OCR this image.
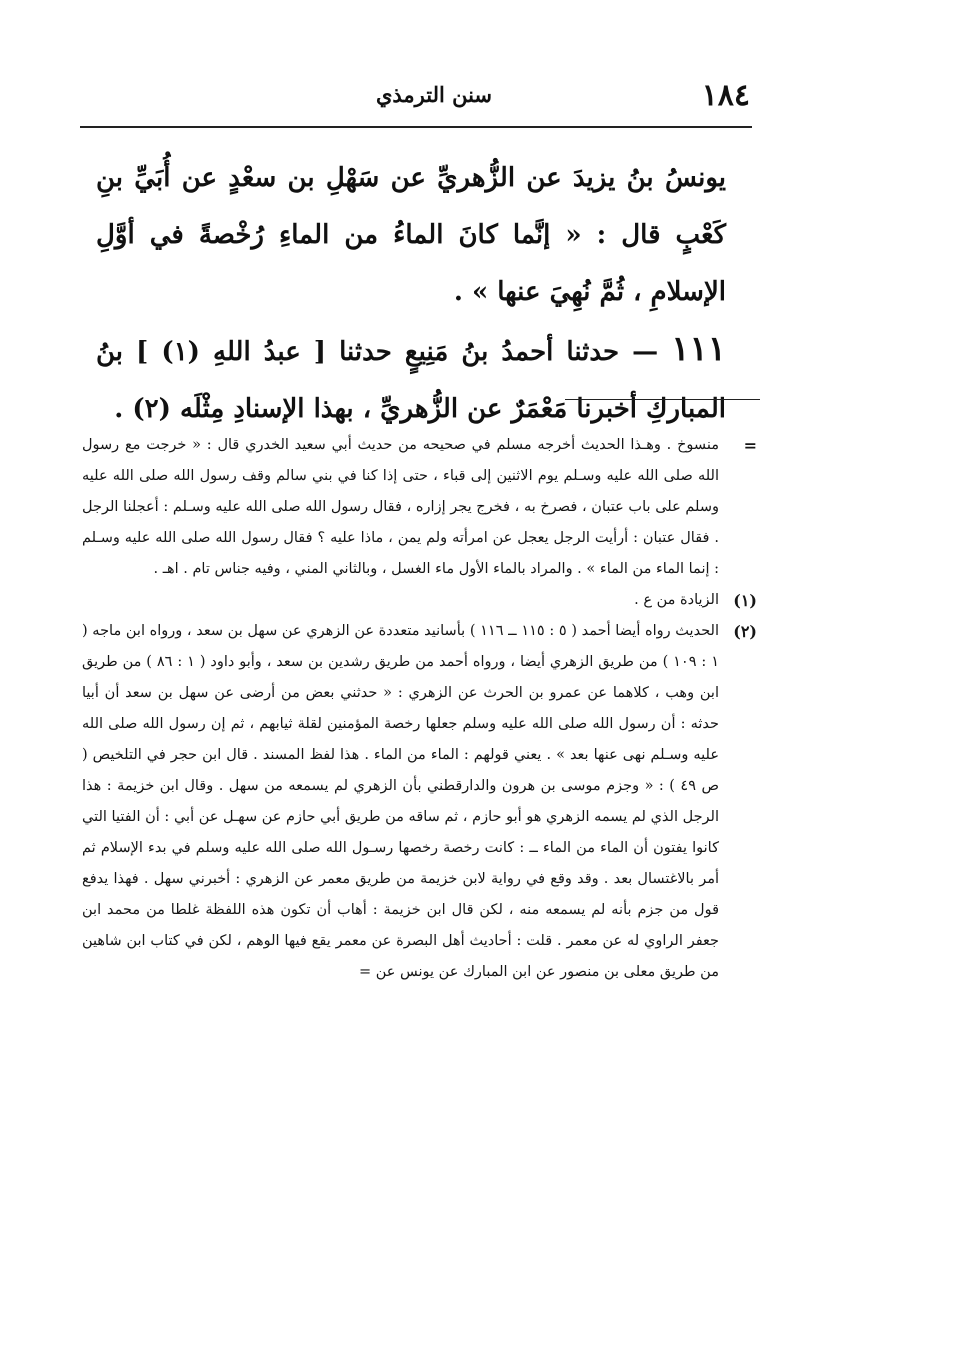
١٨٤
سنن الترمذي

يونسُ بنُ يزيدَ عن الزُّهريِّ عن سَهْلِ بن سعْدٍ عن أُبَيِّ بنِ كَعْبٍ قال : « إنَّما كانَ الماءُ من الماءِ رُخْصةً في أوَّلِ الإسلامِ ، ثُمَّ نُهِيَ عنها » .

١١١ — حدثنا أحمدُ بنُ مَنِيعٍ حدثنا [ عبدُ اللهِ (١) ] بنُ المباركِ أخبرنا مَعْمَرٌ عن الزُّهريِّ ، بهذا الإسنادِ مِثْلَه (٢) .

=
منسوخ . وهـذا الحديث أخرجه مسلم في صحيحه من حديث أبي سعيد الخدري قال : « خرجت مع رسول الله صلى الله عليه وسـلم يوم الاثنين إلى قباء ، حتى إذا كنا في بني سالم وقف رسول الله صلى الله عليه وسلم على باب عتبان ، فصرخ به ، فخرج يجر إزاره ، فقال رسول الله صلى الله عليه وسـلم : أعجلنا الرجل . فقال عتبان : أرأيت الرجل يعجل عن امرأته ولم يمن ، ماذا عليه ؟ فقال رسول الله صلى الله عليه وسـلم : إنما الماء من الماء » . والمراد بالماء الأول ماء الغسل ، وبالثاني المني ، وفيه جناس تام . اهـ .
(١)
الزيادة من ع .
(٢)
الحديث رواه أيضا أحمد ( ٥ : ١١٥ ــ ١١٦ ) بأسانيد متعددة عن الزهري عن سهل بن سعد ، ورواه ابن ماجه ( ١ : ١٠٩ ) من طريق الزهري أيضا ، ورواه أحمد من طريق رشدين بن سعد ، وأبو داود ( ١ : ٨٦ ) من طريق ابن وهب ، كلاهما عن عمرو بن الحرث عن الزهري : « حدثني بعض من أرضى عن سهل بن سعد أن أبيا حدثه : أن رسول الله صلى الله عليه وسلم جعلها رخصة المؤمنين لقلة ثيابهم ، ثم إن رسول الله صلى الله عليه وسـلم نهى عنها بعد » . يعني قولهم : الماء من الماء . هذا لفظ المسند . قال ابن حجر في التلخيص ( ص ٤٩ ) : « وجزم موسى بن هرون والدارقطني بأن الزهري لم يسمعه من سهل . وقال ابن خزيمة : هذا الرجل الذي لم يسمه الزهري هو أبو حازم ، ثم ساقه من طريق أبي حازم عن سهـل عن أبي : أن الفتيا التي كانوا يفتون أن الماء من الماء ــ : كانت رخصة رخصها رسـول الله صلى الله عليه وسلم في بدء الإسلام ثم أمر بالاغتسال بعد . وقد وقع في رواية لابن خزيمة من طريق معمر عن الزهري : أخبرني سهل . فهذا يدفع قول من جزم بأنه لم يسمعه منه ، لكن قال ابن خزيمة : أهاب أن تكون هذه اللفظة غلطا من محمد ابن جعفر الراوي له عن معمر . قلت : أحاديث أهل البصرة عن معمر يقع فيها الوهم ، لكن في كتاب ابن شاهين من طريق معلى بن منصور عن ابن المبارك عن يونس عن =
